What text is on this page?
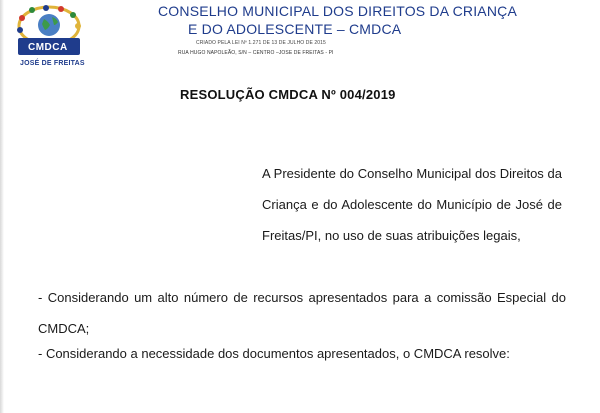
CMDCA
JOSÉ DE FREITAS
CONSELHO MUNICIPAL DOS DIREITOS DA CRIANÇA
E DO ADOLESCENTE – CMDCA
CRIADO PELA LEI Nº 1.271 DE 13 DE JULHO DE 2015
RUA HUGO NAPOLEÃO, S/N – CENTRO –JOSE DE FREITAS - PI
RESOLUÇÃO CMDCA Nº 004/2019
A Presidente do Conselho Municipal dos Direitos da Criança e do Adolescente do Município de José de Freitas/PI, no uso de suas atribuições legais,
- Considerando um alto número de recursos apresentados para a comissão Especial do CMDCA;
- Considerando a necessidade dos documentos apresentados, o CMDCA resolve:
